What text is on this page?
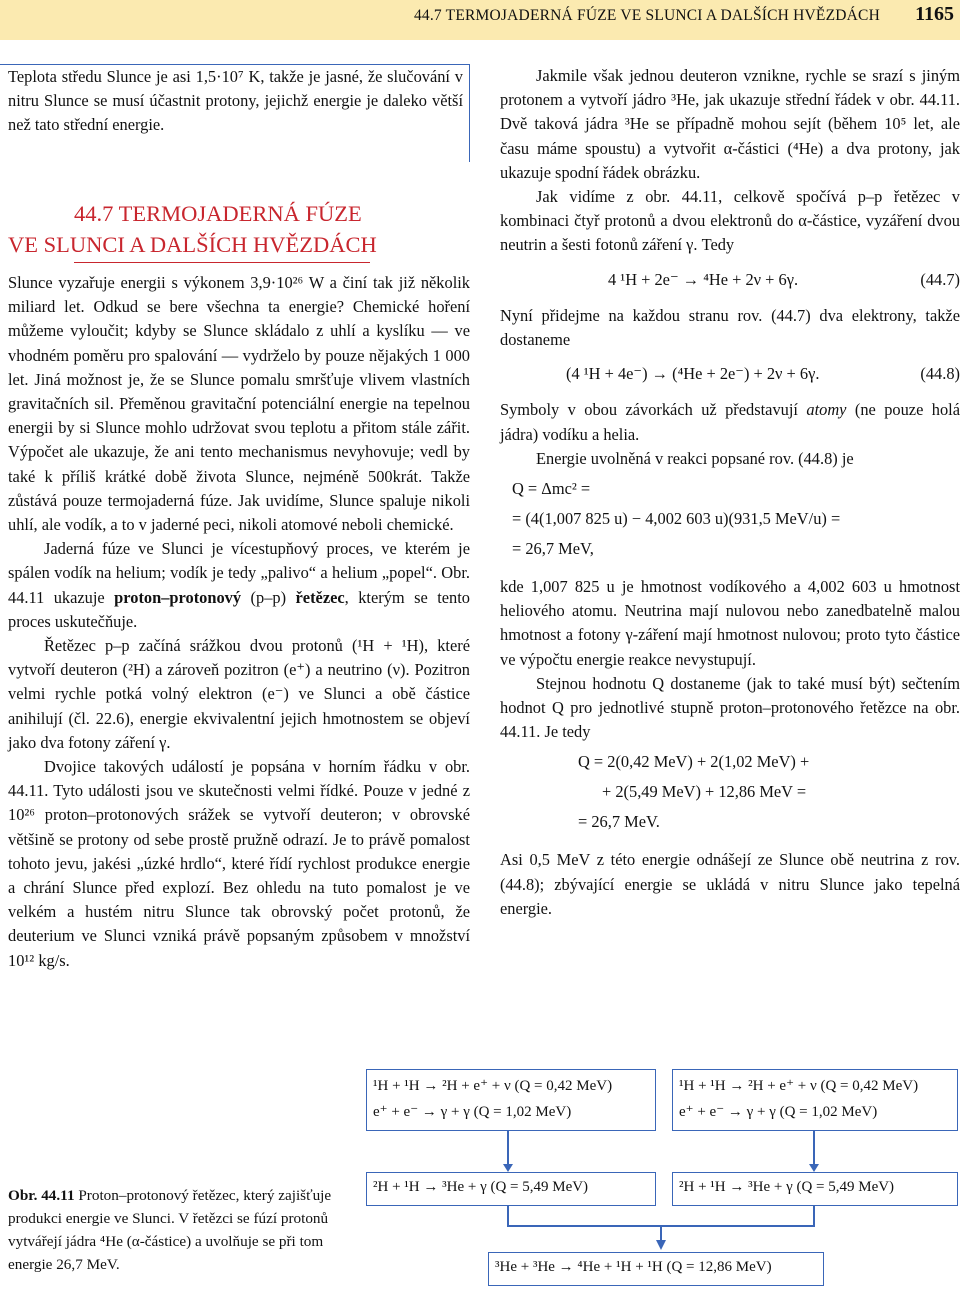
44.7 TERMOJADERNÁ FÚZE VE SLUNCI A DALŠÍCH HVĚZDÁCH 1165

Teplota středu Slunce je asi 1,5·10⁷ K, takže je jasné, že slučování v nitru Slunce se musí účastnit protony, jejichž energie je daleko větší než tato střední energie.

44.7 TERMOJADERNÁ FÚZE
VE SLUNCI A DALŠÍCH HVĚZDÁCH

Slunce vyzařuje energii s výkonem 3,9·10²⁶ W a činí tak již několik miliard let. Odkud se bere všechna ta energie? Chemické hoření můžeme vyloučit; kdyby se Slunce skládalo z uhlí a kyslíku — ve vhodném poměru pro spalování — vydrželo by pouze nějakých 1 000 let. Jiná možnost je, že se Slunce pomalu smršťuje vlivem vlastních gravitačních sil. Přeměnou gravitační potenciální energie na tepelnou energii by si Slunce mohlo udržovat svou teplotu a přitom stále zářit. Výpočet ale ukazuje, že ani tento mechanismus nevyhovuje; vedl by také k příliš krátké době života Slunce, nejméně 500krát. Takže zůstává pouze termojaderná fúze. Jak uvidíme, Slunce spaluje nikoli uhlí, ale vodík, a to v jaderné peci, nikoli atomové neboli chemické.

Jaderná fúze ve Slunci je vícestupňový proces, ve kterém je spálen vodík na helium; vodík je tedy „palivo“ a helium „popel“. Obr. 44.11 ukazuje proton–protonový (p–p) řetězec, kterým se tento proces uskutečňuje.

Řetězec p–p začíná srážkou dvou protonů (¹H + ¹H), které vytvoří deuteron (²H) a zároveň pozitron (e⁺) a neutrino (ν). Pozitron velmi rychle potká volný elektron (e⁻) ve Slunci a obě částice anihilují (čl. 22.6), energie ekvivalentní jejich hmotnostem se objeví jako dva fotony záření γ.

Dvojice takových událostí je popsána v horním řádku v obr. 44.11. Tyto události jsou ve skutečnosti velmi řídké. Pouze v jedné z 10²⁶ proton–protonových srážek se vytvoří deuteron; v obrovské většině se protony od sebe prostě pružně odrazí. Je to právě pomalost tohoto jevu, jakési „úzké hrdlo“, které řídí rychlost produkce energie a chrání Slunce před explozí. Bez ohledu na tuto pomalost je ve velkém a hustém nitru Slunce tak obrovský počet protonů, že deuterium ve Slunci vzniká právě popsaným způsobem v množství 10¹² kg/s.

Jakmile však jednou deuteron vznikne, rychle se srazí s jiným protonem a vytvoří jádro ³He, jak ukazuje střední řádek v obr. 44.11. Dvě taková jádra ³He se případně mohou sejít (během 10⁵ let, ale času máme spoustu) a vytvořit α-částici (⁴He) a dva protony, jak ukazuje spodní řádek obrázku.

Jak vidíme z obr. 44.11, celkově spočívá p–p řetězec v kombinaci čtyř protonů a dvou elektronů do α-částice, vyzáření dvou neutrin a šesti fotonů záření γ. Tedy

4 ¹H + 2e⁻ → ⁴He + 2ν + 6γ.	(44.7)

Nyní přidejme na každou stranu rov. (44.7) dva elektrony, takže dostaneme

(4 ¹H + 4e⁻) → (⁴He + 2e⁻) + 2ν + 6γ.	(44.8)

Symboly v obou závorkách už představují atomy (ne pouze holá jádra) vodíku a helia.

Energie uvolněná v reakci popsané rov. (44.8) je

Q = Δmc² =
= (4(1,007 825 u) − 4,002 603 u)(931,5 MeV/u) =
= 26,7 MeV,

kde 1,007 825 u je hmotnost vodíkového a 4,002 603 u hmotnost heliového atomu. Neutrina mají nulovou nebo zanedbatelně malou hmotnost a fotony γ-záření mají hmotnost nulovou; proto tyto částice ve výpočtu energie reakce nevystupují.

Stejnou hodnotu Q dostaneme (jak to také musí být) sečtením hodnot Q pro jednotlivé stupně proton–protonového řetězce na obr. 44.11. Je tedy

Q = 2(0,42 MeV) + 2(1,02 MeV) +
+ 2(5,49 MeV) + 12,86 MeV =
= 26,7 MeV.

Asi 0,5 MeV z této energie odnášejí ze Slunce obě neutrina z rov. (44.8); zbývající energie se ukládá v nitru Slunce jako tepelná energie.

¹H + ¹H → ²H + e⁺ + ν (Q = 0,42 MeV)
e⁺ + e⁻ → γ + γ (Q = 1,02 MeV)
¹H + ¹H → ²H + e⁺ + ν (Q = 0,42 MeV)
e⁺ + e⁻ → γ + γ (Q = 1,02 MeV)
²H + ¹H → ³He + γ (Q = 5,49 MeV)	²H + ¹H → ³He + γ (Q = 5,49 MeV)
³He + ³He → ⁴He + ¹H + ¹H (Q = 12,86 MeV)
Obr. 44.11 Proton–protonový řetězec, který zajišťuje produkci energie ve Slunci. V řetězci se fúzí protonů vytvářejí jádra ⁴He (α-částice) a uvolňuje se při tom energie 26,7 MeV.
